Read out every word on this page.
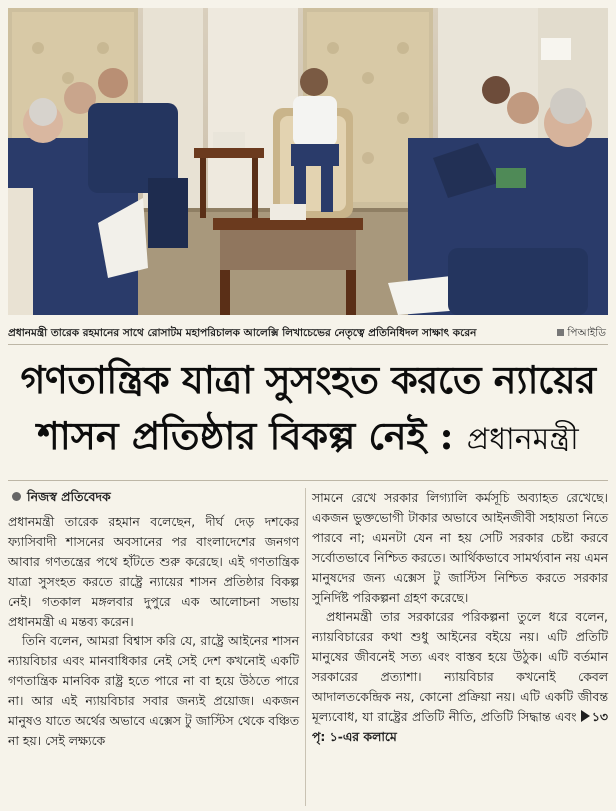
পিআইডি
প্রধানমন্ত্রী তারেক রহমানের সাথে রোসাটম মহাপরিচালক আলেক্সি লিখাচেভের নেতৃত্বে প্রতিনিধিদল সাক্ষাৎ করেন
গণতান্ত্রিক যাত্রা সুসংহত করতে ন্যায়ের
শাসন প্রতিষ্ঠার বিকল্প নেই : প্রধানমন্ত্রী
নিজস্ব প্রতিবেদক

প্রধানমন্ত্রী তারেক রহমান বলেছেন, দীর্ঘ দেড় দশকের ফ্যাসিবাদী শাসনের অবসানের পর বাংলাদেশের জনগণ আবার গণতন্ত্রের পথে হাঁটতে শুরু করেছে। এই গণতান্ত্রিক যাত্রা সুসংহত করতে রাষ্ট্রে ন্যায়ের শাসন প্রতিষ্ঠার বিকল্প নেই। গতকাল মঙ্গলবার দুপুরে এক আলোচনা সভায় প্রধানমন্ত্রী এ মন্তব্য করেন।

তিনি বলেন, আমরা বিশ্বাস করি যে, রাষ্ট্রে আইনের শাসন ন্যায়বিচার এবং মানবাধিকার নেই সেই দেশ কখনোই একটি গণতান্ত্রিক মানবিক রাষ্ট্র হতে পারে না বা হয়ে উঠতে পারে না। আর এই ন্যায়বিচার সবার জন্যই প্রয়োজ। একজন মানুষও যাতে অর্থের অভাবে এক্সেস টু জাস্টিস থেকে বঞ্চিত না হয়। সেই লক্ষ্যকে

সামনে রেখে সরকার লিগ্যালি কর্মসূচি অব্যাহত রেখেছে। একজন ভুক্তভোগী টাকার অভাবে আইনজীবী সহায়তা নিতে পারবে না; এমনটা যেন না হয় সেটি সরকার চেষ্টা করবে সর্বোতভাবে নিশ্চিত করতে। আর্থিকভাবে সামর্থ্যবান নয় এমন মানুষদের জন্য এক্সেস টু জাস্টিস নিশ্চিত করতে সরকার সুনির্দিষ্ট পরিকল্পনা গ্রহণ করেছে।

প্রধানমন্ত্রী তার সরকারের পরিকল্পনা তুলে ধরে বলেন, ন্যায়বিচারের কথা শুধু আইনের বইয়ে নয়। এটি প্রতিটি মানুষের জীবনেই সত্য এবং বাস্তব হয়ে উঠুক। এটি বর্তমান সরকারের প্রত্যাশা। ন্যায়বিচার কখনোই কেবল আদালতকেন্দ্রিক নয়, কোনো প্রক্রিয়া নয়। এটি একটি জীবন্ত মূল্যবোধ, যা রাষ্ট্রের প্রতিটি নীতি, প্রতিটি সিদ্ধান্ত এবং ১৩ পৃ: ১-এর কলামে
